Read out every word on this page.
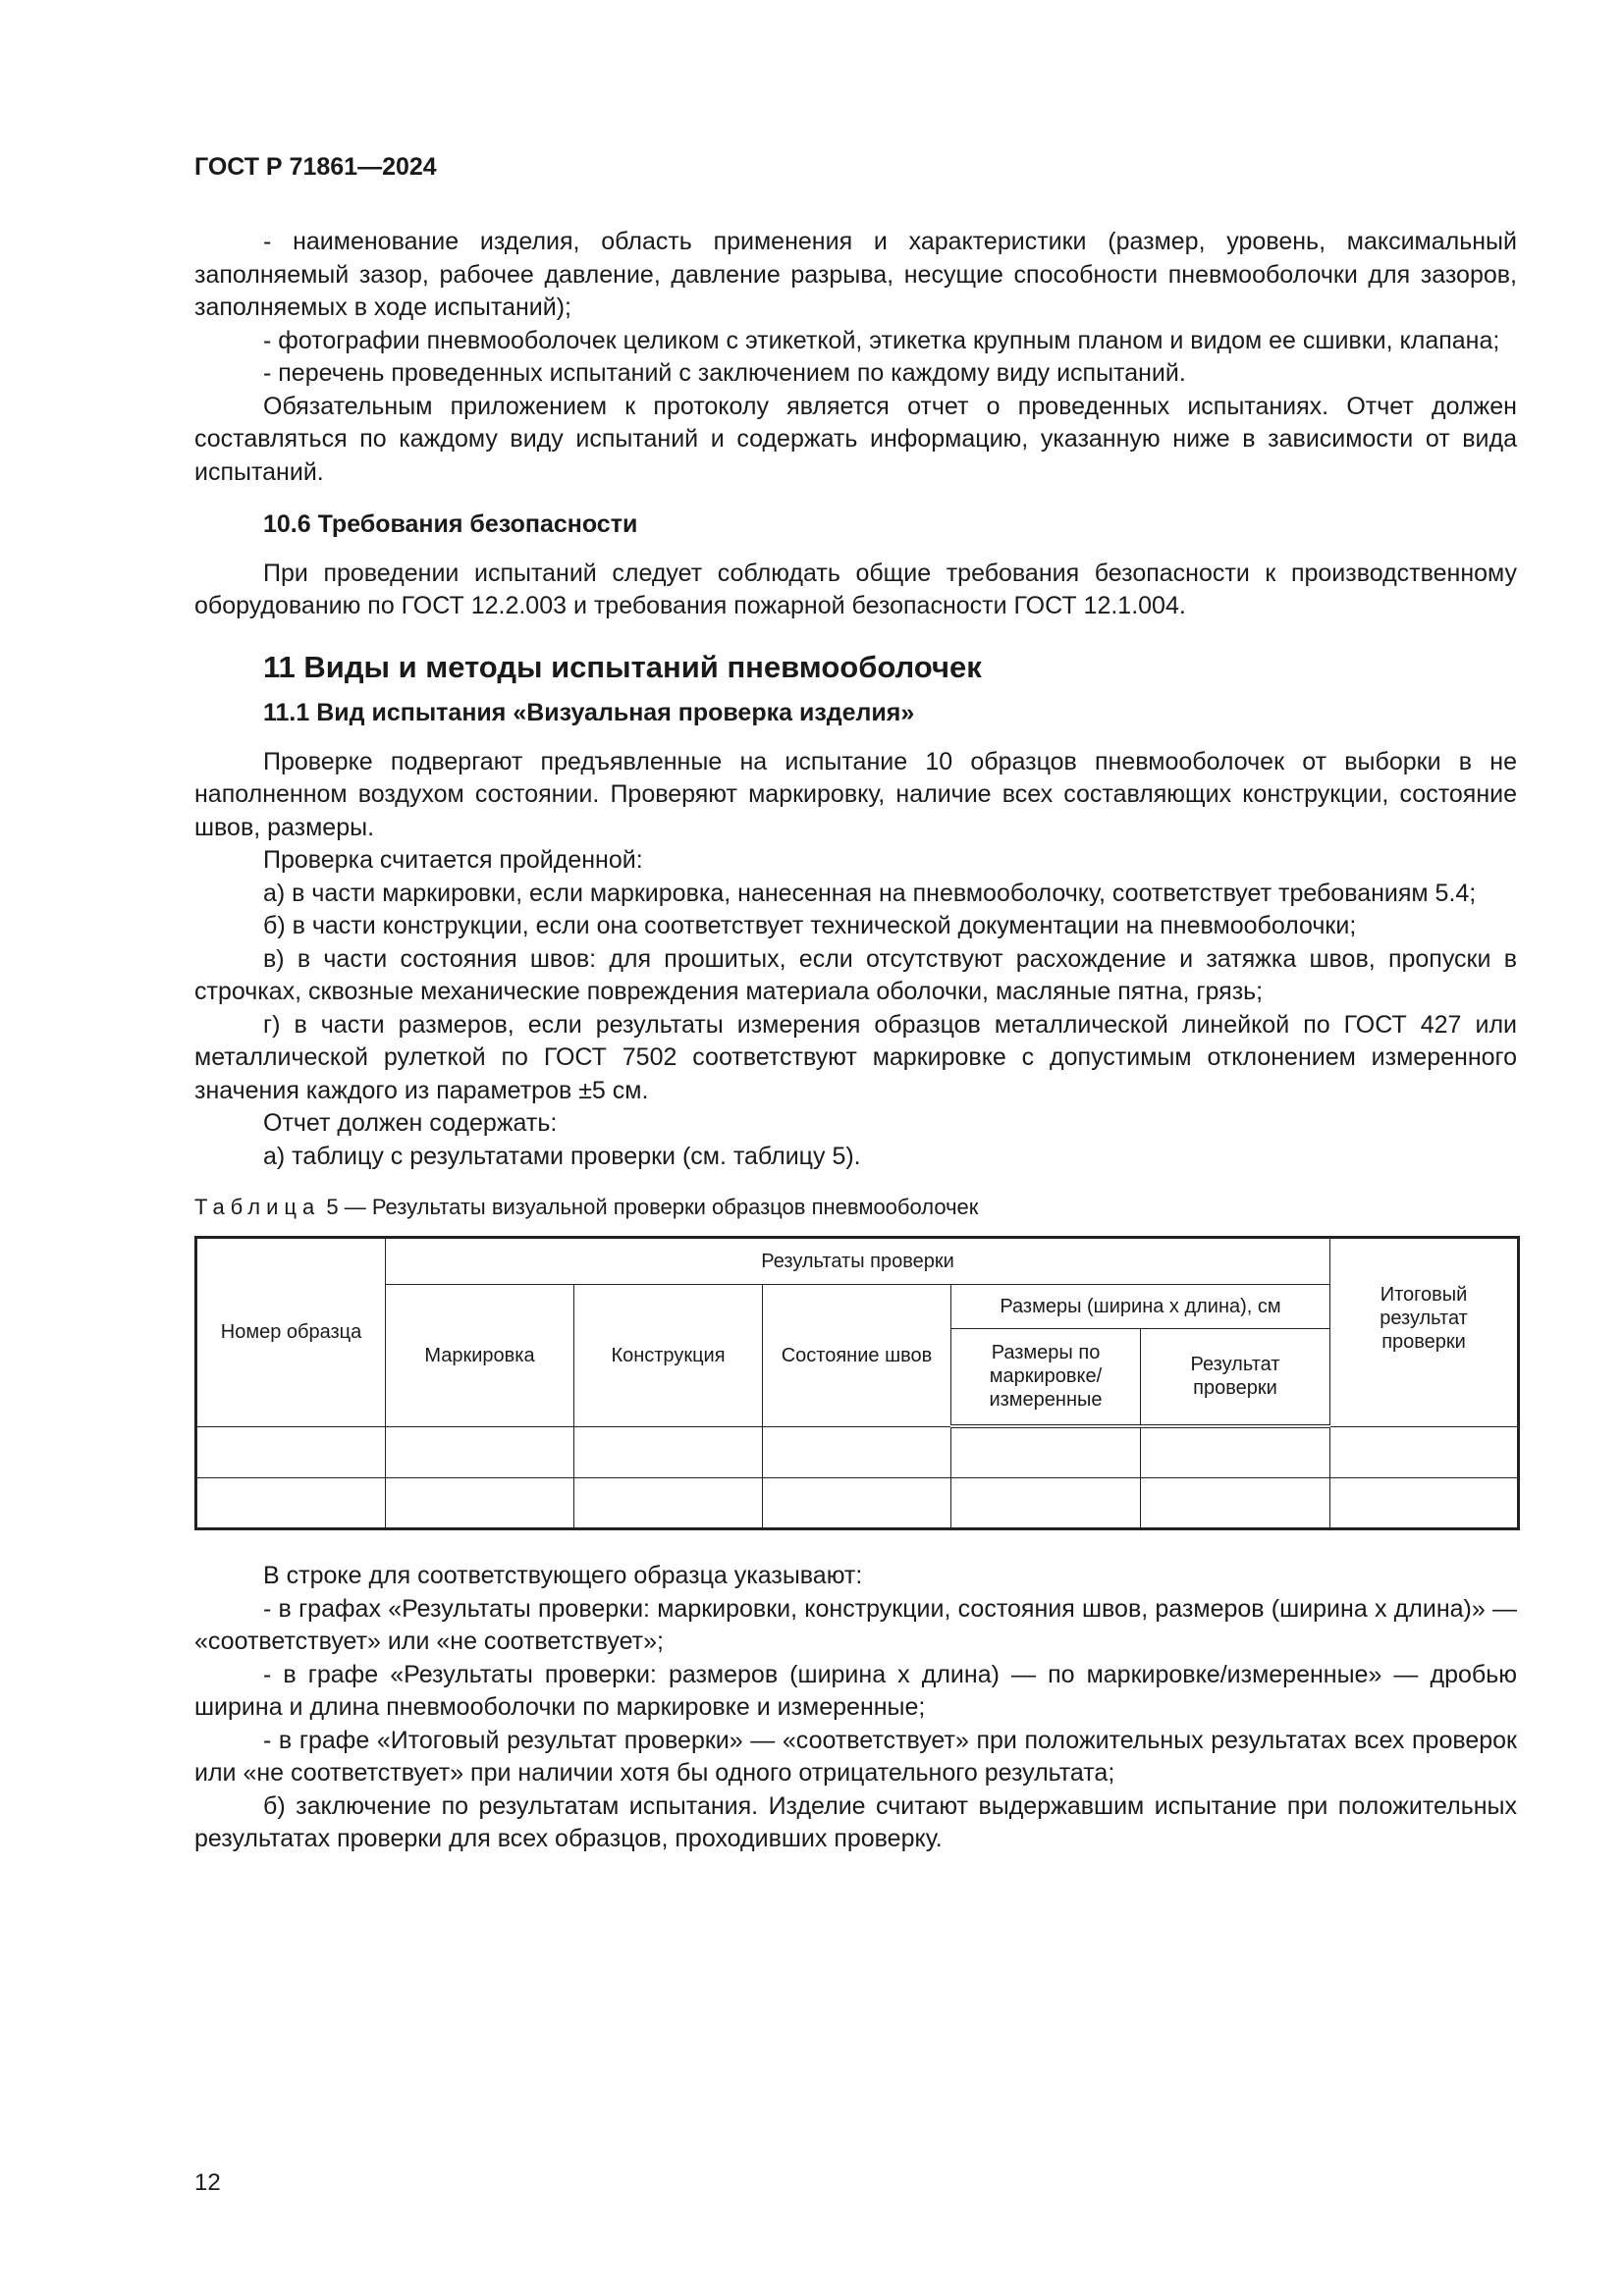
ГОСТ Р 71861—2024

- наименование изделия, область применения и характеристики (размер, уровень, максимальный заполняемый зазор, рабочее давление, давление разрыва, несущие способности пневмооболочки для зазоров, заполняемых в ходе испытаний);

- фотографии пневмооболочек целиком с этикеткой, этикетка крупным планом и видом ее сшивки, клапана;

- перечень проведенных испытаний с заключением по каждому виду испытаний.

Обязательным приложением к протоколу является отчет о проведенных испытаниях. Отчет должен составляться по каждому виду испытаний и содержать информацию, указанную ниже в зависимости от вида испытаний.

10.6 Требования безопасности

При проведении испытаний следует соблюдать общие требования безопасности к производственному оборудованию по ГОСТ 12.2.003 и требования пожарной безопасности ГОСТ 12.1.004.

11 Виды и методы испытаний пневмооболочек
11.1 Вид испытания «Визуальная проверка изделия»

Проверке подвергают предъявленные на испытание 10 образцов пневмооболочек от выборки в не наполненном воздухом состоянии. Проверяют маркировку, наличие всех составляющих конструкции, состояние швов, размеры.

Проверка считается пройденной:

а) в части маркировки, если маркировка, нанесенная на пневмооболочку, соответствует требованиям 5.4;

б) в части конструкции, если она соответствует технической документации на пневмооболочки;

в) в части состояния швов: для прошитых, если отсутствуют расхождение и затяжка швов, пропуски в строчках, сквозные механические повреждения материала оболочки, масляные пятна, грязь;

г) в части размеров, если результаты измерения образцов металлической линейкой по ГОСТ 427 или металлической рулеткой по ГОСТ 7502 соответствуют маркировке с допустимым отклонением измеренного значения каждого из параметров ±5 см.

Отчет должен содержать:

а) таблицу с результатами проверки (см. таблицу 5).

Таблица 5 — Результаты визуальной проверки образцов пневмооболочек
Номер образца	Результаты проверки					Итоговый результат проверки
	Маркировка	Конструкция	Состояние швов	Размеры (ширина х длина), см		
				Размеры по маркировке/ измеренные	Результат проверки	

В строке для соответствующего образца указывают:

- в графах «Результаты проверки: маркировки, конструкции, состояния швов, размеров (ширина х длина)» — «соответствует» или «не соответствует»;

- в графе «Результаты проверки: размеров (ширина х длина) — по маркировке/измеренные» — дробью ширина и длина пневмооболочки по маркировке и измеренные;

- в графе «Итоговый результат проверки» — «соответствует» при положительных результатах всех проверок или «не соответствует» при наличии хотя бы одного отрицательного результата;

б) заключение по результатам испытания. Изделие считают выдержавшим испытание при положительных результатах проверки для всех образцов, проходивших проверку.

12
